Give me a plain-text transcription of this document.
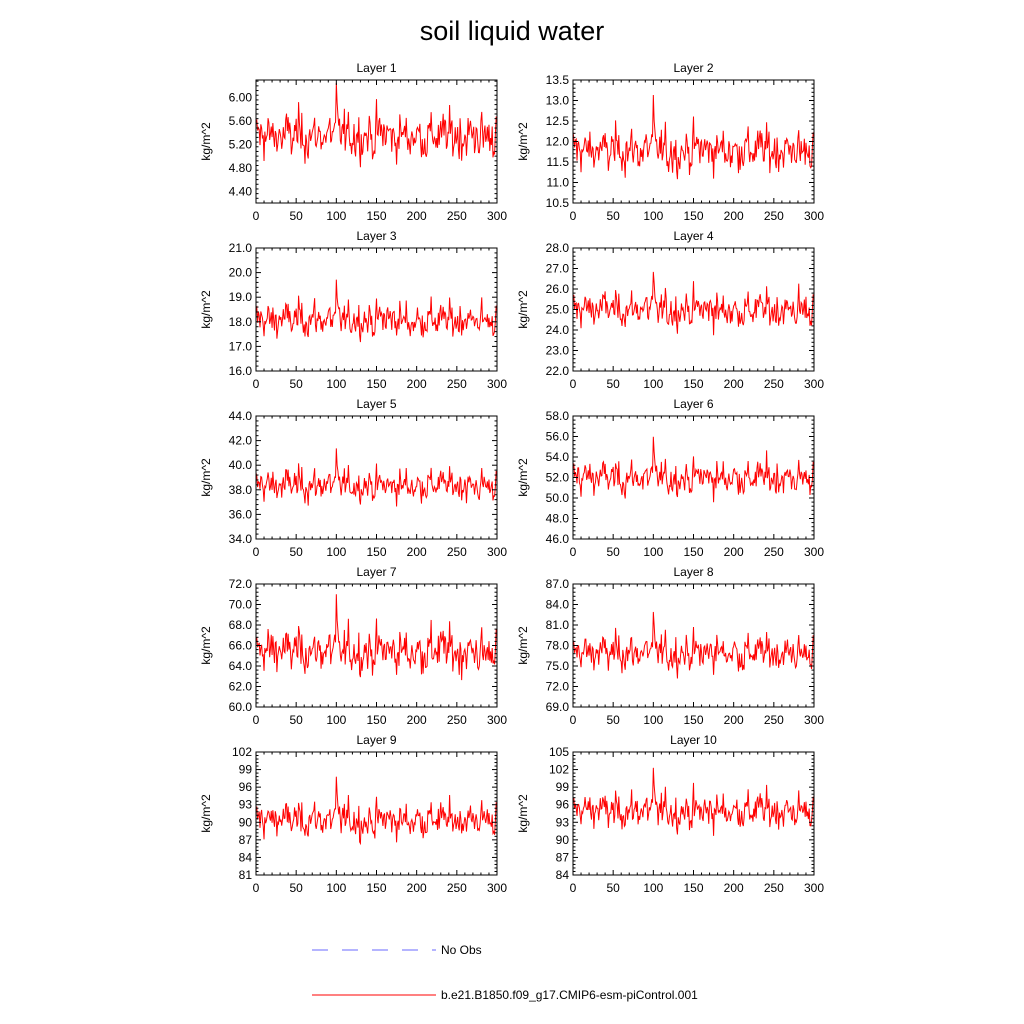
soil liquid water
Layer 1
0	50 100 150 200 250 300
6.00
5.60
5.20
4.80
4.40
kg/m^2
Layer 2
0	50 100 150 200 250 300
13.5
13.0
12.5
12.0
11.5
11.0
10.5
kg/m^2
Layer 3
0	50 100 150 200 250 300
21.0
20.0
19.0
18.0
17.0
16.0
kg/m^2
Layer 4
0	50 100 150 200 250 300
28.0
27.0
26.0
25.0
24.0
23.0
22.0
kg/m^2
Layer 5
0	50 100 150 200 250 300
44.0
42.0
40.0
38.0
36.0
34.0
kg/m^2
Layer 6
0	50 100 150 200 250 300
58.0
56.0
54.0
52.0
50.0
48.0
46.0
kg/m^2
Layer 7
0	50 100 150 200 250 300
72.0
70.0
68.0
66.0
64.0
62.0
60.0
kg/m^2
Layer 8
0	50 100 150 200 250 300
87.0
84.0
81.0
78.0
75.0
72.0
69.0
kg/m^2
Layer 9
0	50 100 150 200 250 300
102
99
96
93
90
87
84
81
kg/m^2
Layer 10
0	50 100 150 200 250 300
105
102
99
96
93
90
87
84
kg/m^2
No Obs
b.e21.B1850.f09_g17.CMIP6-esm-piControl.001
